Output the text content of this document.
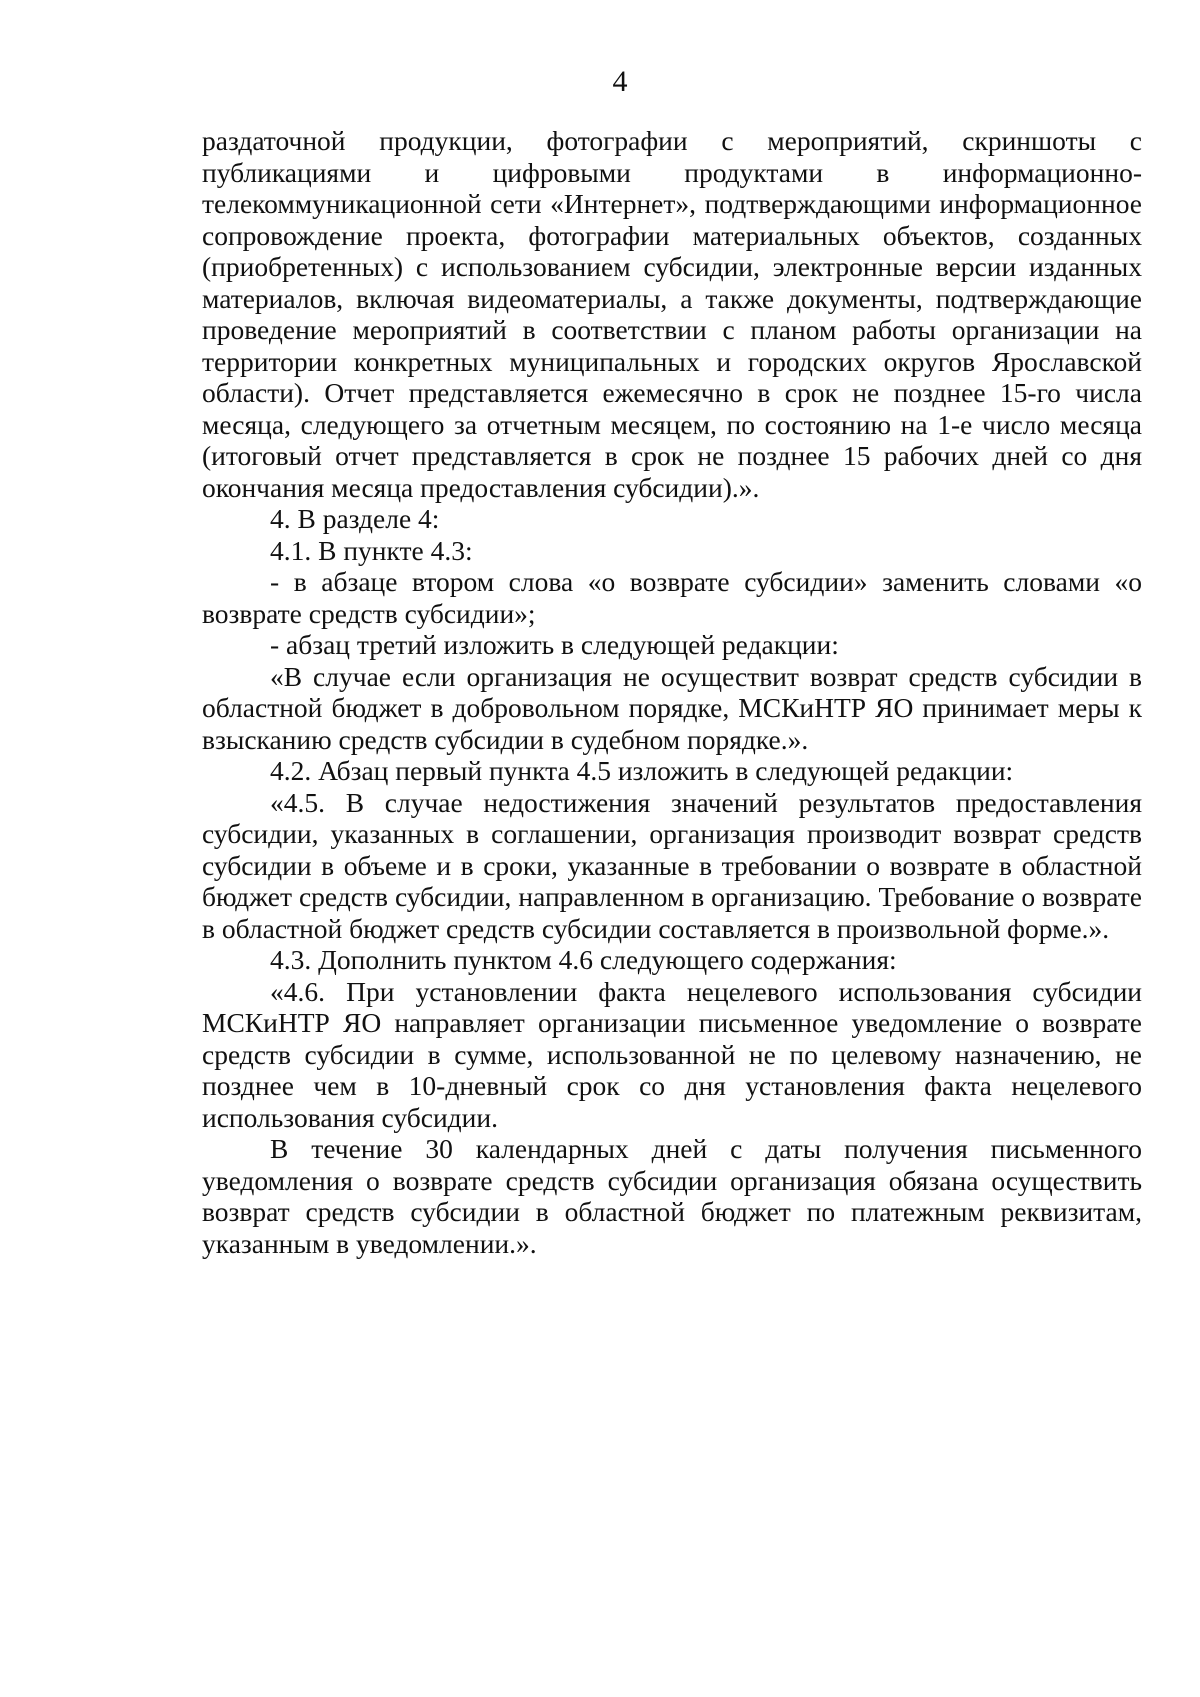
4

раздаточной продукции, фотографии с мероприятий, скриншоты с публикациями и цифровыми продуктами в информационно-телекоммуникационной сети «Интернет», подтверждающими информационное сопровождение проекта, фотографии материальных объектов, созданных (приобретенных) с использованием субсидии, электронные версии изданных материалов, включая видеоматериалы, а также документы, подтверждающие проведение мероприятий в соответствии с планом работы организации на территории конкретных муниципальных и городских округов Ярославской области). Отчет представляется ежемесячно в срок не позднее 15-го числа месяца, следующего за отчетным месяцем, по состоянию на 1-е число месяца (итоговый отчет представляется в срок не позднее 15 рабочих дней со дня окончания месяца предоставления субсидии).».

4. В разделе 4:

4.1. В пункте 4.3:

- в абзаце втором слова «о возврате субсидии» заменить словами «о возврате средств субсидии»;

- абзац третий изложить в следующей редакции:

«В случае если организация не осуществит возврат средств субсидии в областной бюджет в добровольном порядке, МСКиНТР ЯО принимает меры к взысканию средств субсидии в судебном порядке.».

4.2. Абзац первый пункта 4.5 изложить в следующей редакции:

«4.5. В случае недостижения значений результатов предоставления субсидии, указанных в соглашении, организация производит возврат средств субсидии в объеме и в сроки, указанные в требовании о возврате в областной бюджет средств субсидии, направленном в организацию. Требование о возврате в областной бюджет средств субсидии составляется в произвольной форме.».

4.3. Дополнить пунктом 4.6 следующего содержания:

«4.6. При установлении факта нецелевого использования субсидии МСКиНТР ЯО направляет организации письменное уведомление о возврате средств субсидии в сумме, использованной не по целевому назначению, не позднее чем в 10-дневный срок со дня установления факта нецелевого использования субсидии.

В течение 30 календарных дней с даты получения письменного уведомления о возврате средств субсидии организация обязана осуществить возврат средств субсидии в областной бюджет по платежным реквизитам, указанным в уведомлении.».
